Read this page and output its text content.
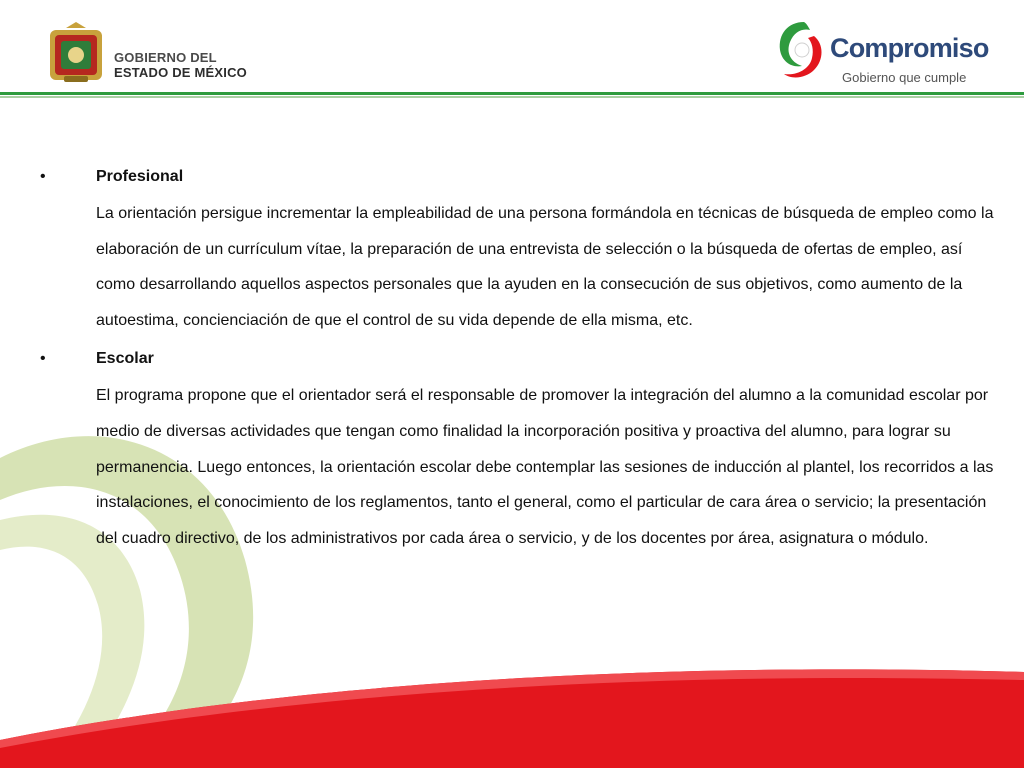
GOBIERNO DEL
ESTADO DE MÉXICO
Compromiso
Gobierno que cumple
•	Profesional
La orientación persigue incrementar la empleabilidad de una persona formándola en técnicas de búsqueda de empleo como la elaboración de un currículum vítae, la preparación de una entrevista de selección o la búsqueda de ofertas de empleo, así como desarrollando aquellos aspectos personales que la ayuden en la consecución de sus objetivos, como aumento de la autoestima, concienciación de que el control de su vida depende de ella misma, etc.
•	Escolar
El programa propone que el orientador será el responsable de promover la integración del alumno a la comunidad escolar por medio de diversas actividades que tengan como finalidad la incorporación positiva y proactiva del alumno, para lograr su permanencia. Luego entonces, la orientación escolar debe contemplar las sesiones de inducción al plantel, los recorridos a las instalaciones, el conocimiento de los reglamentos, tanto el general, como el particular de cara área o servicio; la presentación del cuadro directivo, de los administrativos por cada área o servicio, y de los docentes por área, asignatura o módulo.
